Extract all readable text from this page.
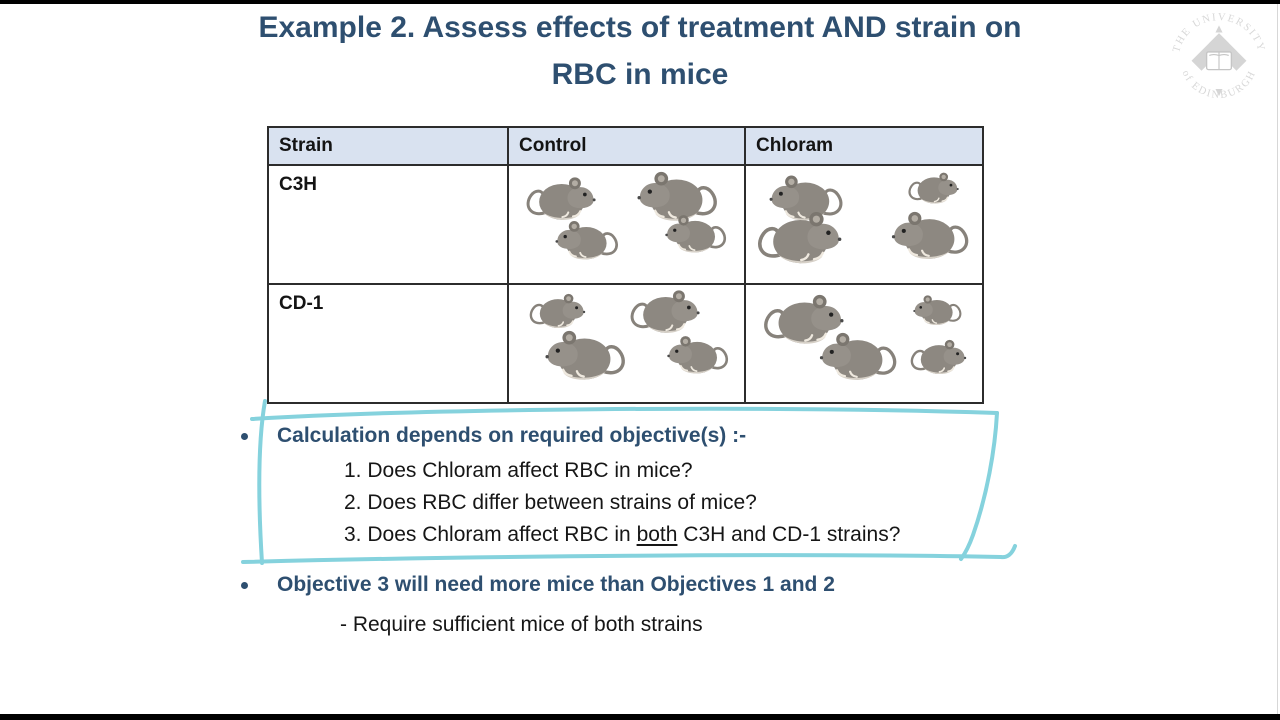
THE UNIVERSITY
of EDINBURGH
Example 2. Assess effects of treatment AND strain on
RBC in mice
Strain	Control	Chloram
C3H	

CD-1	

Calculation depends on required objective(s) :-
1. Does Chloram affect RBC in mice?
2. Does RBC differ between strains of mice?
3. Does Chloram affect RBC in both C3H and CD-1 strains?
Objective 3 will need more mice than Objectives 1 and 2
- Require sufficient mice of both strains
